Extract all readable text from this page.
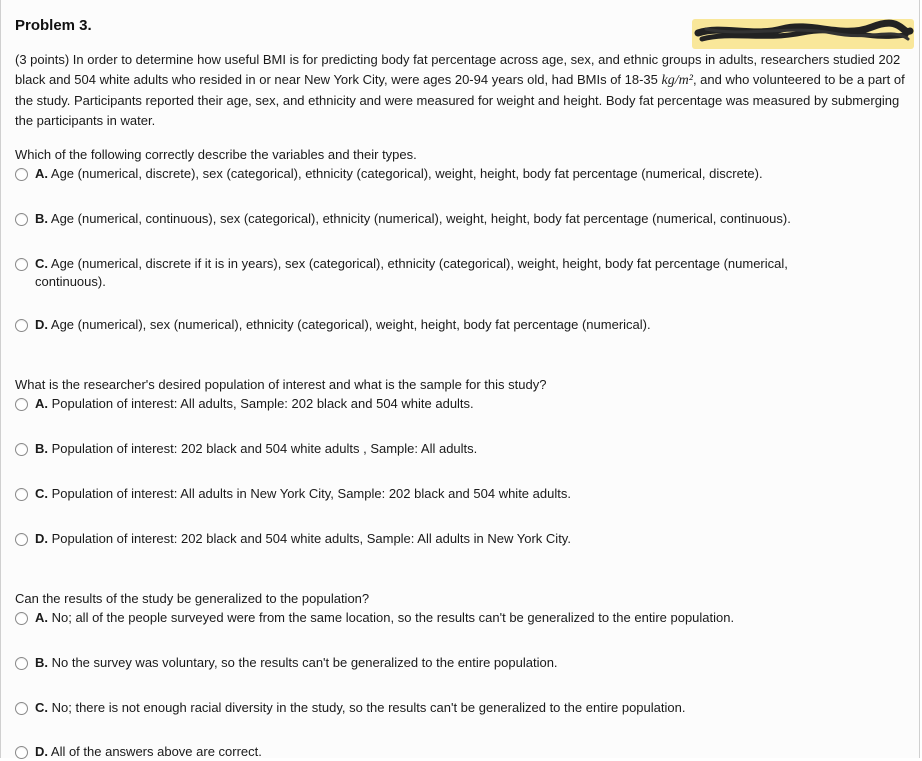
Problem 3.
(3 points) In order to determine how useful BMI is for predicting body fat percentage across age, sex, and ethnic groups in adults, researchers studied 202 black and 504 white adults who resided in or near New York City, were ages 20-94 years old, had BMIs of 18-35 kg/m², and who volunteered to be a part of the study. Participants reported their age, sex, and ethnicity and were measured for weight and height. Body fat percentage was measured by submerging the participants in water.
Which of the following correctly describe the variables and their types.
A. Age (numerical, discrete), sex (categorical), ethnicity (categorical), weight, height, body fat percentage (numerical, discrete).
B. Age (numerical, continuous), sex (categorical), ethnicity (numerical), weight, height, body fat percentage (numerical, continuous).
C. Age (numerical, discrete if it is in years), sex (categorical), ethnicity (categorical), weight, height, body fat percentage (numerical, continuous).
D. Age (numerical), sex (numerical), ethnicity (categorical), weight, height, body fat percentage (numerical).
What is the researcher's desired population of interest and what is the sample for this study?
A. Population of interest: All adults, Sample: 202 black and 504 white adults.
B. Population of interest: 202 black and 504 white adults , Sample: All adults.
C. Population of interest: All adults in New York City, Sample: 202 black and 504 white adults.
D. Population of interest: 202 black and 504 white adults, Sample: All adults in New York City.
Can the results of the study be generalized to the population?
A. No; all of the people surveyed were from the same location, so the results can't be generalized to the entire population.
B. No the survey was voluntary, so the results can't be generalized to the entire population.
C. No; there is not enough racial diversity in the study, so the results can't be generalized to the entire population.
D. All of the answers above are correct.
